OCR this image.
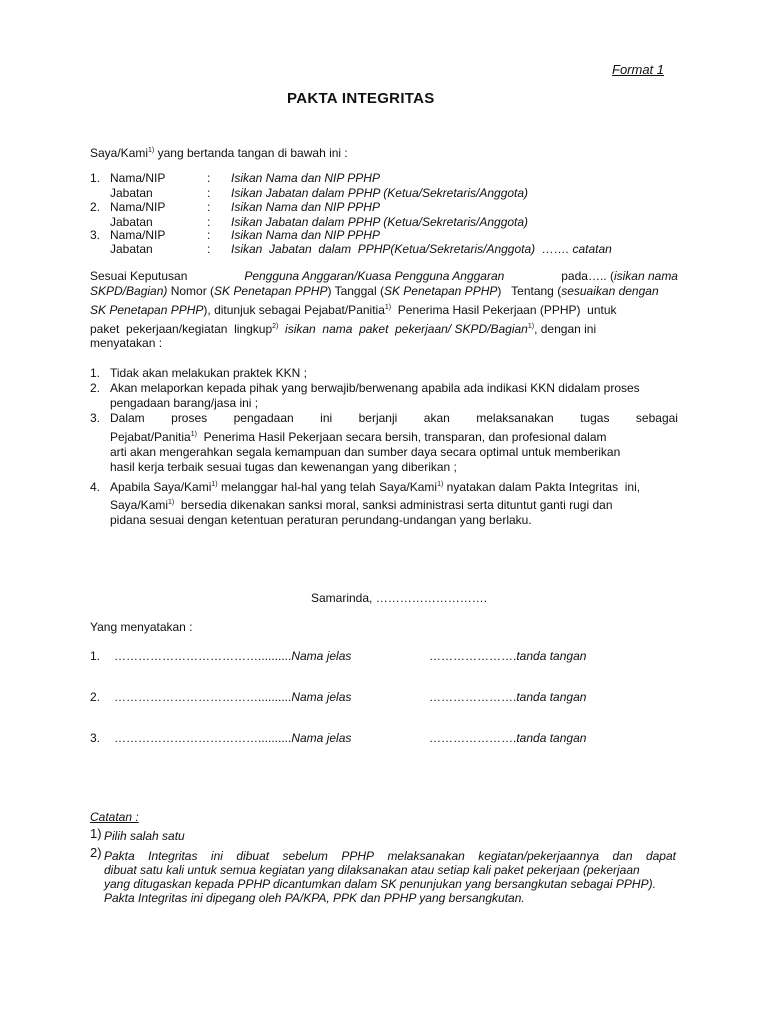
Format 1
PAKTA INTEGRITAS
Saya/Kami$^{1)}$ yang bertanda tangan di bawah ini :
1. Nama/NIP	: Isikan Nama dan NIP PPHP
Jabatan	: Isikan Jabatan dalam PPHP (Ketua/Sekretaris/Anggota)
2. Nama/NIP	: Isikan Nama dan NIP PPHP
Jabatan	: Isikan Jabatan dalam PPHP (Ketua/Sekretaris/Anggota)
3. Nama/NIP	: Isikan Nama dan NIP PPHP
Jabatan	: Isikan  Jabatan  dalam  PPHP(Ketua/Sekretaris/Anggota)  ……. catatan
Sesuai Keputusan	Pengguna Anggaran/Kuasa Pengguna Anggaran	pada….. (isikan nama
SKPD/Bagian) Nomor (SK Penetapan PPHP) Tanggal (SK Penetapan PPHP)   Tentang (sesuaikan dengan
SK Penetapan PPHP), ditunjuk sebagai Pejabat/Panitia$^{1)}$  Penerima Hasil Pekerjaan (PPHP)  untuk
paket  pekerjaan/kegiatan  lingkup$^{2)}$  isikan  nama  paket  pekerjaan/ SKPD/Bagian$^{1)}$, dengan ini
menyatakan :
1. Tidak akan melakukan praktek KKN ;
2. Akan melaporkan kepada pihak yang berwajib/berwenang apabila ada indikasi KKN didalam proses
pengadaan barang/jasa ini ;
3. Dalam proses pengadaan ini berjanji akan melaksanakan tugas sebagai
Pejabat/Panitia$^{1)}$  Penerima Hasil Pekerjaan secara bersih, transparan, dan profesional dalam
arti akan mengerahkan segala kemampuan dan sumber daya secara optimal untuk memberikan
hasil kerja terbaik sesuai tugas dan kewenangan yang diberikan ;
4. Apabila Saya/Kami$^{1)}$ melanggar hal-hal yang telah Saya/Kami$^{1)}$ nyatakan dalam Pakta Integritas  ini,
Saya/Kami$^{1)}$  bersedia dikenakan sanksi moral, sanksi administrasi serta dituntut ganti rugi dan
pidana sesuai dengan ketentuan peraturan perundang-undangan yang berlaku.
Samarinda, ……………………….
Yang menyatakan :
1. ………………………………..........Nama jelas	………………….tanda tangan
2. ………………………………..........Nama jelas	………………….tanda tangan
3. ………………………………..........Nama jelas	………………….tanda tangan
Catatan :
1) Pilih salah satu
2) Pakta Integritas ini dibuat sebelum PPHP melaksanakan kegiatan/pekerjaannya dan dapat
dibuat satu kali untuk semua kegiatan yang dilaksanakan atau setiap kali paket pekerjaan (pekerjaan
yang ditugaskan kepada PPHP dicantumkan dalam SK penunjukan yang bersangkutan sebagai PPHP).
Pakta Integritas ini dipegang oleh PA/KPA, PPK dan PPHP yang bersangkutan.
